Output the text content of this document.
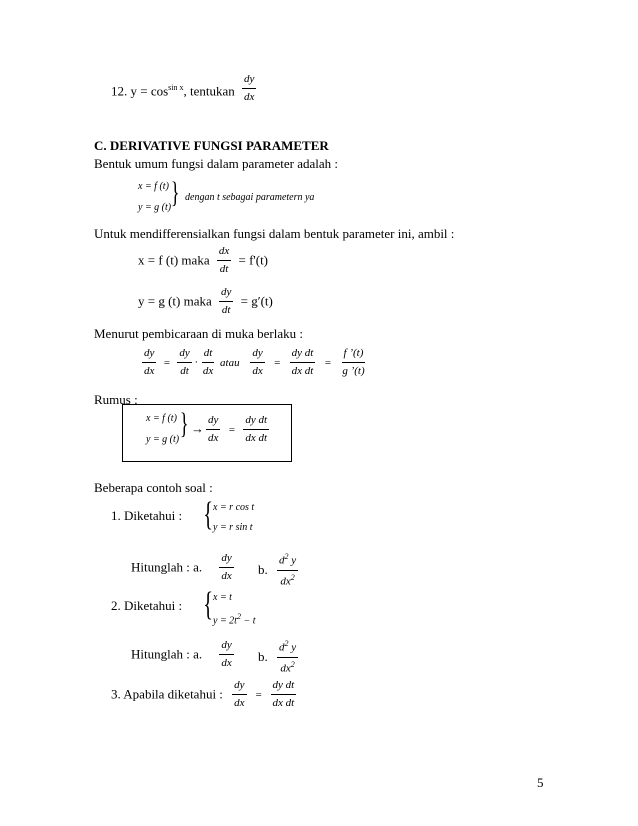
12. $y = \cos^{sin x}$, tentukan $\frac{dy}{dx}$
C. DERIVATIVE FUNGSI PARAMETER
Bentuk umum fungsi dalam parameter adalah :
x = f (t)
y = g (t) } dengan t sebagai parametern ya
Untuk mendifferensialkan fungsi dalam bentuk parameter ini, ambil :
x = f (t) maka $\frac{dx}{dt} = f'(t)$
y = g (t) maka $\frac{dy}{dt} = g'(t)$
Menurut pembicaraan di muka berlaku :
$\frac{dy}{dx} = \frac{dy}{dt} \cdot \frac{dt}{dx}$ atau $\frac{dy}{dx} = \frac{\text{dy dt}}{\text{dx dt}} = \frac{f ’(t)}{g ’(t)}$
Rumus :
x = f (t)
y = g (t) } → $\frac{dy}{dx} = \frac{\text{dy dt}}{\text{dx dt}}$
Beberapa contoh soal :
1. Diketahui : { x = r cos t
y = r sin t
Hitunglah : a. $\frac{dy}{dx} b$. $\frac{d^2 y}{dx^2}$
2. Diketahui : { x = t
$y = 2t^2 - t$
Hitunglah : a. $\frac{dy}{dx} b$. $\frac{d^2 y}{dx^2}$
3. Apabila diketahui : $\frac{dy}{dx} = \frac{\text{dy dt}}{\text{dx dt}}$
5
